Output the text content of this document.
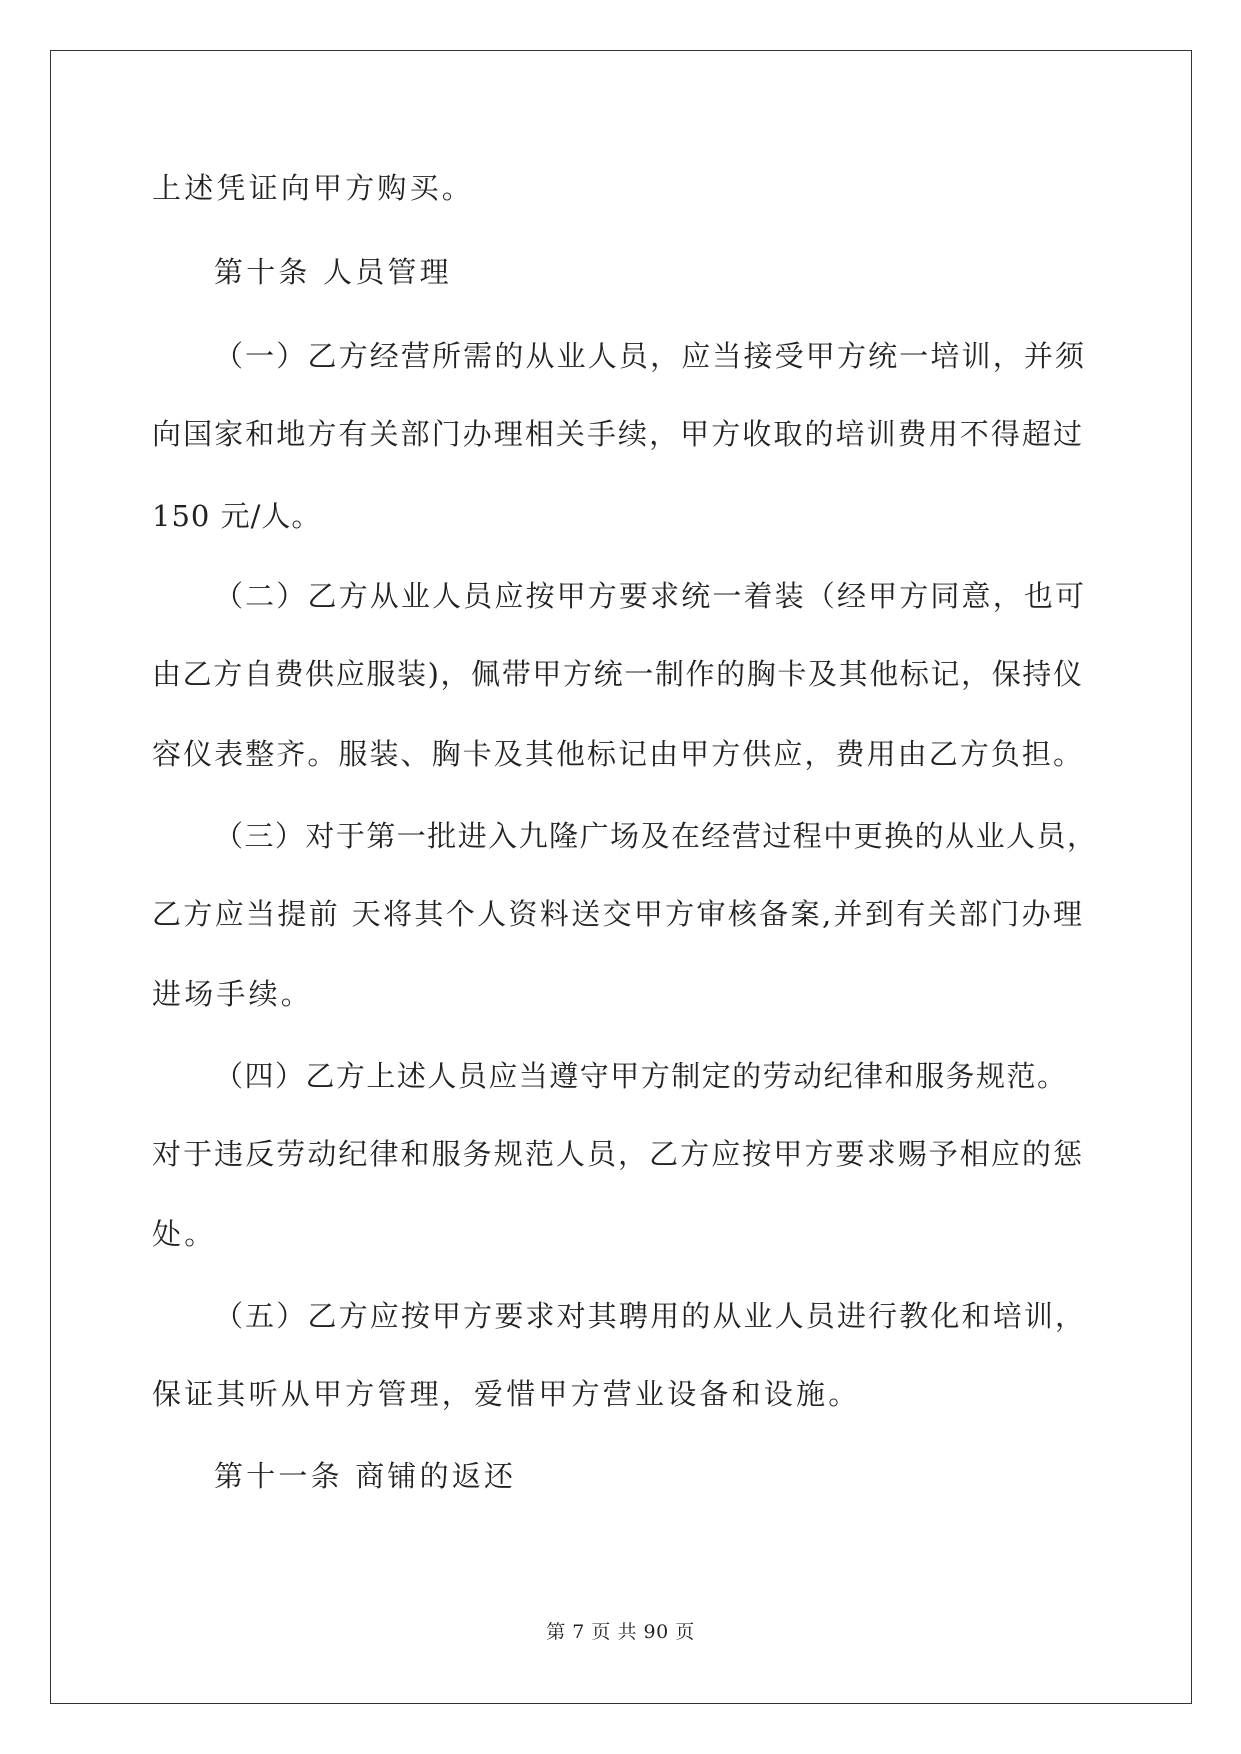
上述凭证向甲方购买。
第十条 人员管理
（一）乙方经营所需的从业人员，应当接受甲方统一培训，并须
向国家和地方有关部门办理相关手续，甲方收取的培训费用不得超过
150 元/人。
（二）乙方从业人员应按甲方要求统一着装（经甲方同意，也可
由乙方自费供应服装)，佩带甲方统一制作的胸卡及其他标记，保持仪
容仪表整齐。服装、胸卡及其他标记由甲方供应，费用由乙方负担。
（三）对于第一批进入九隆广场及在经营过程中更换的从业人员，
乙方应当提前 天将其个人资料送交甲方审核备案,并到有关部门办理
进场手续。
（四）乙方上述人员应当遵守甲方制定的劳动纪律和服务规范。
对于违反劳动纪律和服务规范人员，乙方应按甲方要求赐予相应的惩
处。
（五）乙方应按甲方要求对其聘用的从业人员进行教化和培训，
保证其听从甲方管理，爱惜甲方营业设备和设施。
第十一条 商铺的返还
第 7 页 共 90 页
